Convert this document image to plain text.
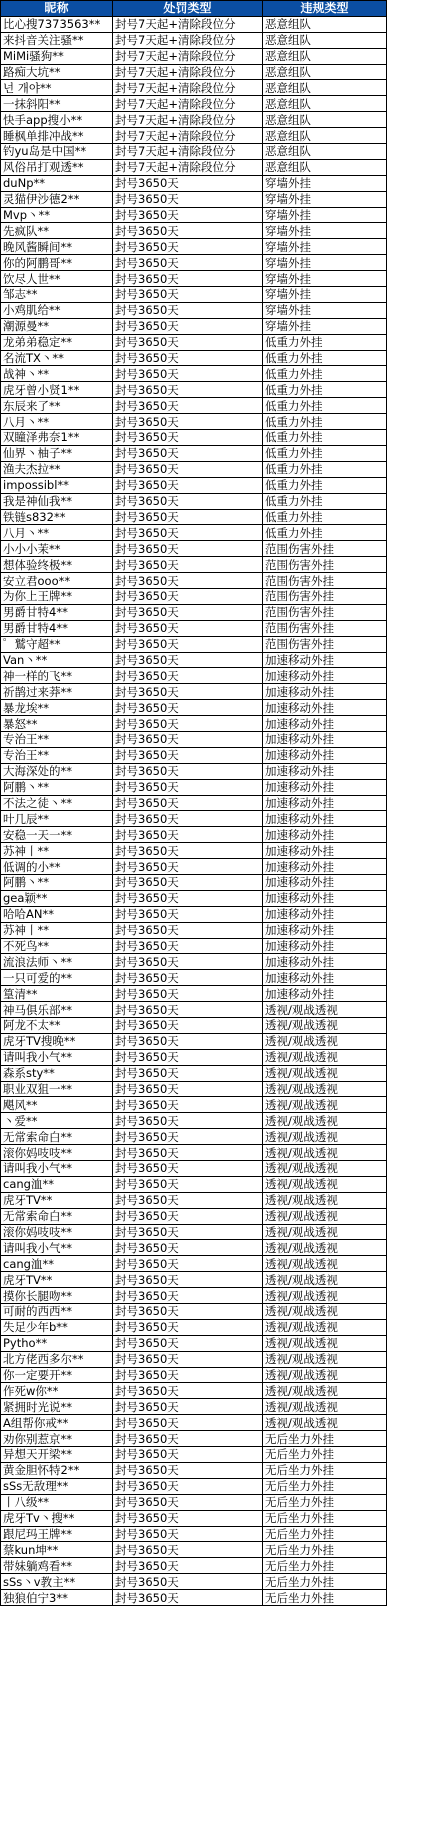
昵称	处罚类型	违规类型
比心搜7373563**	封号7天起+清除段位分	恶意组队
来抖音关注骚**	封号7天起+清除段位分	恶意组队
MiMi骚狗**	封号7天起+清除段位分	恶意组队
路痴大坑**	封号7天起+清除段位分	恶意组队
넌 개야**	封号7天起+清除段位分	恶意组队
一抹斜阳**	封号7天起+清除段位分	恶意组队
快手app搜小**	封号7天起+清除段位分	恶意组队
睡枫单排冲战**	封号7天起+清除段位分	恶意组队
钓yu岛是中国**	封号7天起+清除段位分	恶意组队
风俗吊打观透**	封号7天起+清除段位分	恶意组队
duNp**	封号3650天	穿墙外挂
灵猫伊沙德2**	封号3650天	穿墙外挂
Mvp丶**	封号3650天	穿墙外挂
先疯队**	封号3650天	穿墙外挂
晚风酱瞬间**	封号3650天	穿墙外挂
你的阿鹏哥**	封号3650天	穿墙外挂
饮尽人世**	封号3650天	穿墙外挂
邹志**	封号3650天	穿墙外挂
小鸡肌给**	封号3650天	穿墙外挂
潮源曼**	封号3650天	穿墙外挂
龙弟弟稳定**	封号3650天	低重力外挂
名流TX丶**	封号3650天	低重力外挂
战神丶**	封号3650天	低重力外挂
虎牙曾小贤1**	封号3650天	低重力外挂
东辰来了**	封号3650天	低重力外挂
八月丶**	封号3650天	低重力外挂
双瞳泽弗奈1**	封号3650天	低重力外挂
仙界丶柚子**	封号3650天	低重力外挂
渔夫杰拉**	封号3650天	低重力外挂
impossibl**	封号3650天	低重力外挂
我是神仙我**	封号3650天	低重力外挂
铁链s832**	封号3650天	低重力外挂
八月丶**	封号3650天	低重力外挂
小小小茉**	封号3650天	范围伤害外挂
想体验终极**	封号3650天	范围伤害外挂
安立君ooo**	封号3650天	范围伤害外挂
为你上王牌**	封号3650天	范围伤害外挂
男爵甘特4**	封号3650天	范围伤害外挂
男爵甘特4**	封号3650天	范围伤害外挂
゜鷲守超**	封号3650天	范围伤害外挂
Van丶**	封号3650天	加速移动外挂
神一样的飞**	封号3650天	加速移动外挂
祈鹊过来莽**	封号3650天	加速移动外挂
暴龙埃**	封号3650天	加速移动外挂
暴怒**	封号3650天	加速移动外挂
专治王**	封号3650天	加速移动外挂
专治王**	封号3650天	加速移动外挂
大海深处的**	封号3650天	加速移动外挂
阿鹏丶**	封号3650天	加速移动外挂
不法之徒丶**	封号3650天	加速移动外挂
叶几辰**	封号3650天	加速移动外挂
安稳一天一**	封号3650天	加速移动外挂
苏神丨**	封号3650天	加速移动外挂
低调的小**	封号3650天	加速移动外挂
阿鹏丶**	封号3650天	加速移动外挂
gea颖**	封号3650天	加速移动外挂
哈哈AN**	封号3650天	加速移动外挂
苏神丨**	封号3650天	加速移动外挂
不死鸟**	封号3650天	加速移动外挂
流浪法师丶**	封号3650天	加速移动外挂
一只可爱的**	封号3650天	加速移动外挂
篁清**	封号3650天	加速移动外挂
神马俱乐部**	封号3650天	透视/观战透视
阿龙不太**	封号3650天	透视/观战透视
虎牙TV搜晚**	封号3650天	透视/观战透视
请叫我小气**	封号3650天	透视/观战透视
森系sty**	封号3650天	透视/观战透视
职业双狙一**	封号3650天	透视/观战透视
飓风**	封号3650天	透视/观战透视
丶爱**	封号3650天	透视/观战透视
无常索命白**	封号3650天	透视/观战透视
滚你妈吱吱**	封号3650天	透视/观战透视
请叫我小气**	封号3650天	透视/观战透视
cang洫**	封号3650天	透视/观战透视
虎牙TV**	封号3650天	透视/观战透视
无常索命白**	封号3650天	透视/观战透视
滚你妈吱吱**	封号3650天	透视/观战透视
请叫我小气**	封号3650天	透视/观战透视
cang洫**	封号3650天	透视/观战透视
虎牙TV**	封号3650天	透视/观战透视
摸你长腿吻**	封号3650天	透视/观战透视
可耐的西西**	封号3650天	透视/观战透视
失足少年b**	封号3650天	透视/观战透视
Pytho**	封号3650天	透视/观战透视
北方佬西多尔**	封号3650天	透视/观战透视
你一定要开**	封号3650天	透视/观战透视
作死w你**	封号3650天	透视/观战透视
紧拥时光说**	封号3650天	透视/观战透视
A组帮你戒**	封号3650天	透视/观战透视
劝你别惹京**	封号3650天	无后坐力外挂
异想天开梁**	封号3650天	无后坐力外挂
黄金胆怀特2**	封号3650天	无后坐力外挂
sSs无敌理**	封号3650天	无后坐力外挂
丨八级**	封号3650天	无后坐力外挂
虎牙Tv丶搜**	封号3650天	无后坐力外挂
跟尼玛王牌**	封号3650天	无后坐力外挂
蔡kun坤**	封号3650天	无后坐力外挂
带妹躺鸡看**	封号3650天	无后坐力外挂
sSs丶v教主**	封号3650天	无后坐力外挂
独狼伯宁3**	封号3650天	无后坐力外挂
